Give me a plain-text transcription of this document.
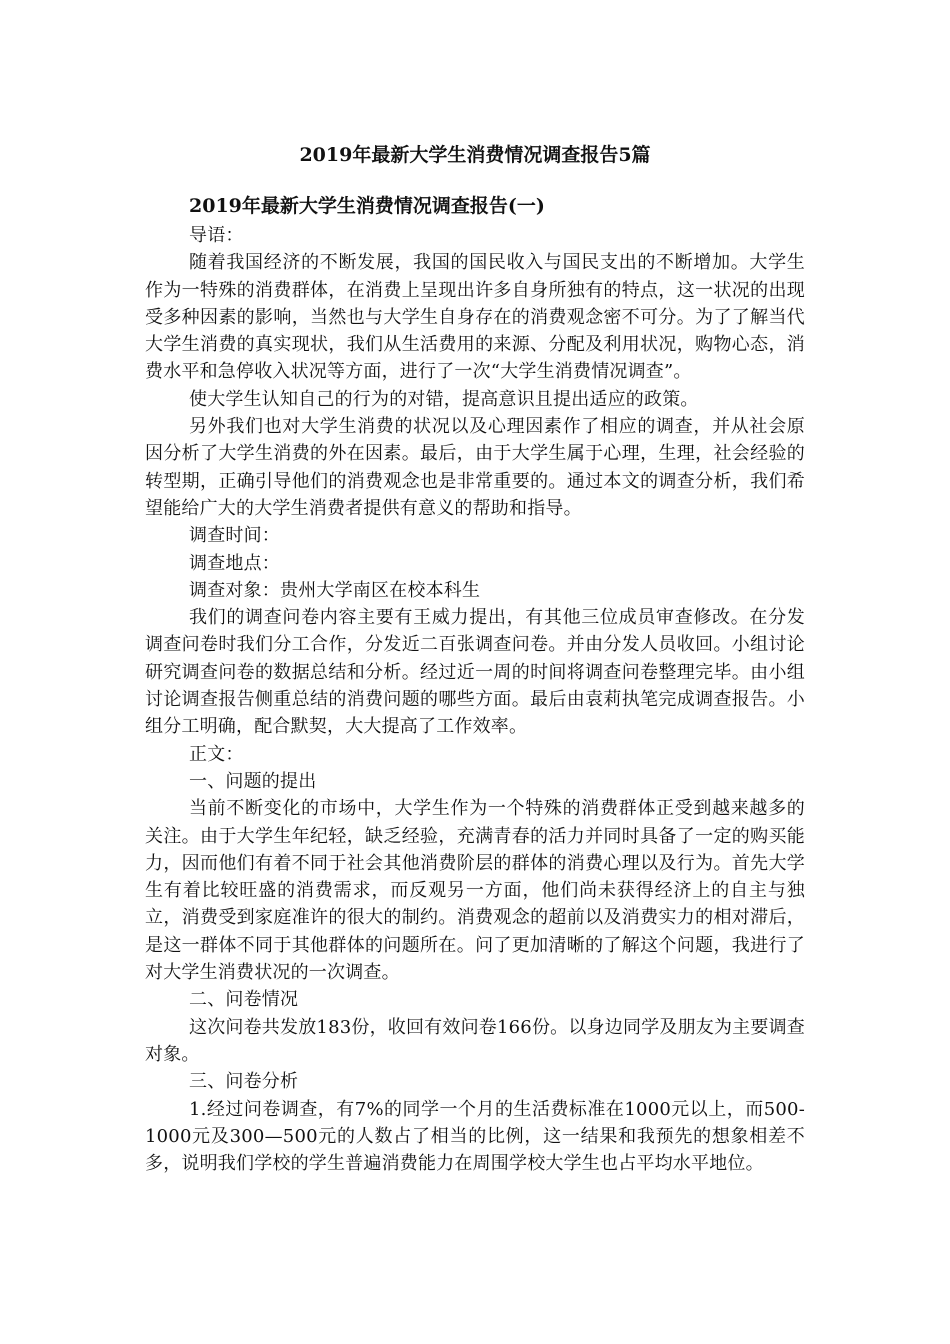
2019年最新大学生消费情况调查报告5篇
2019年最新大学生消费情况调查报告(一)

导语：

随着我国经济的不断发展，我国的国民收入与国民支出的不断增加。大学生作为一特殊的消费群体，在消费上呈现出许多自身所独有的特点，这一状况的出现受多种因素的影响，当然也与大学生自身存在的消费观念密不可分。为了了解当代大学生消费的真实现状，我们从生活费用的来源、分配及利用状况，购物心态，消费水平和急停收入状况等方面，进行了一次“大学生消费情况调查”。

使大学生认知自己的行为的对错，提高意识且提出适应的政策。

另外我们也对大学生消费的状况以及心理因素作了相应的调查，并从社会原因分析了大学生消费的外在因素。最后，由于大学生属于心理，生理，社会经验的转型期，正确引导他们的消费观念也是非常重要的。通过本文的调查分析，我们希望能给广大的大学生消费者提供有意义的帮助和指导。

调查时间：

调查地点：

调查对象：贵州大学南区在校本科生

我们的调查问卷内容主要有王威力提出，有其他三位成员审查修改。在分发调查问卷时我们分工合作，分发近二百张调查问卷。并由分发人员收回。小组讨论研究调查问卷的数据总结和分析。经过近一周的时间将调查问卷整理完毕。由小组讨论调查报告侧重总结的消费问题的哪些方面。最后由袁莉执笔完成调查报告。小组分工明确，配合默契，大大提高了工作效率。

正文：

一、问题的提出

当前不断变化的市场中，大学生作为一个特殊的消费群体正受到越来越多的关注。由于大学生年纪轻，缺乏经验，充满青春的活力并同时具备了一定的购买能力，因而他们有着不同于社会其他消费阶层的群体的消费心理以及行为。首先大学生有着比较旺盛的消费需求，而反观另一方面，他们尚未获得经济上的自主与独立，消费受到家庭准许的很大的制约。消费观念的超前以及消费实力的相对滞后，是这一群体不同于其他群体的问题所在。问了更加清晰的了解这个问题，我进行了对大学生消费状况的一次调查。

二、问卷情况

这次问卷共发放183份，收回有效问卷166份。以身边同学及朋友为主要调查对象。

三、问卷分析

1.经过问卷调查，有7%的同学一个月的生活费标准在1000元以上，而500-1000元及300—500元的人数占了相当的比例，这一结果和我预先的想象相差不多，说明我们学校的学生普遍消费能力在周围学校大学生也占平均水平地位。
